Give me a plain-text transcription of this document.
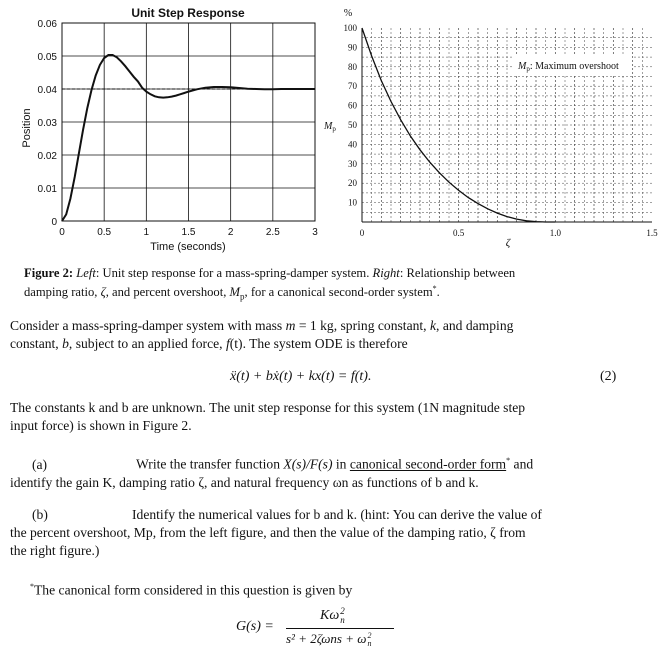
Unit Step Response
0	0.5	1	1.5	2	2.5	3
0
0.01
0.02
0.03
0.04
0.05
0.06
Time (seconds)
Position
%
10
20
30
40
50
60
70
80
90
100
0	0.5	1.0	1.5
$M_p$
ζ
$M_p$: Maximum overshoot
Figure 2: Left: Unit step response for a mass-spring-damper system. Right: Relationship between
damping ratio, ζ, and percent overshoot, $M_p$, for a canonical second-order system*.
Consider a mass-spring-damper system with mass m = 1 kg, spring constant, k, and damping
constant, b, subject to an applied force, f(t). The system ODE is therefore
ẍ(t) + bẋ(t) + kx(t) = f(t).	(2)
The constants k and b are unknown. The unit step response for this system (1N magnitude step
input force) is shown in Figure 2.
(a)	Write the transfer function X(s)/F(s) in canonical second-order form* and
identify the gain K, damping ratio ζ, and natural frequency ωn as functions of b and k.
(b)	Identify the numerical values for b and k. (hint: You can derive the value of
the percent overshoot, Mp, from the left figure, and then the value of the damping ratio, ζ from
the right figure.)
*The canonical form considered in this question is given by
G(s) =
Kω 2
n
s² + 2ζωns + ω 2
n
